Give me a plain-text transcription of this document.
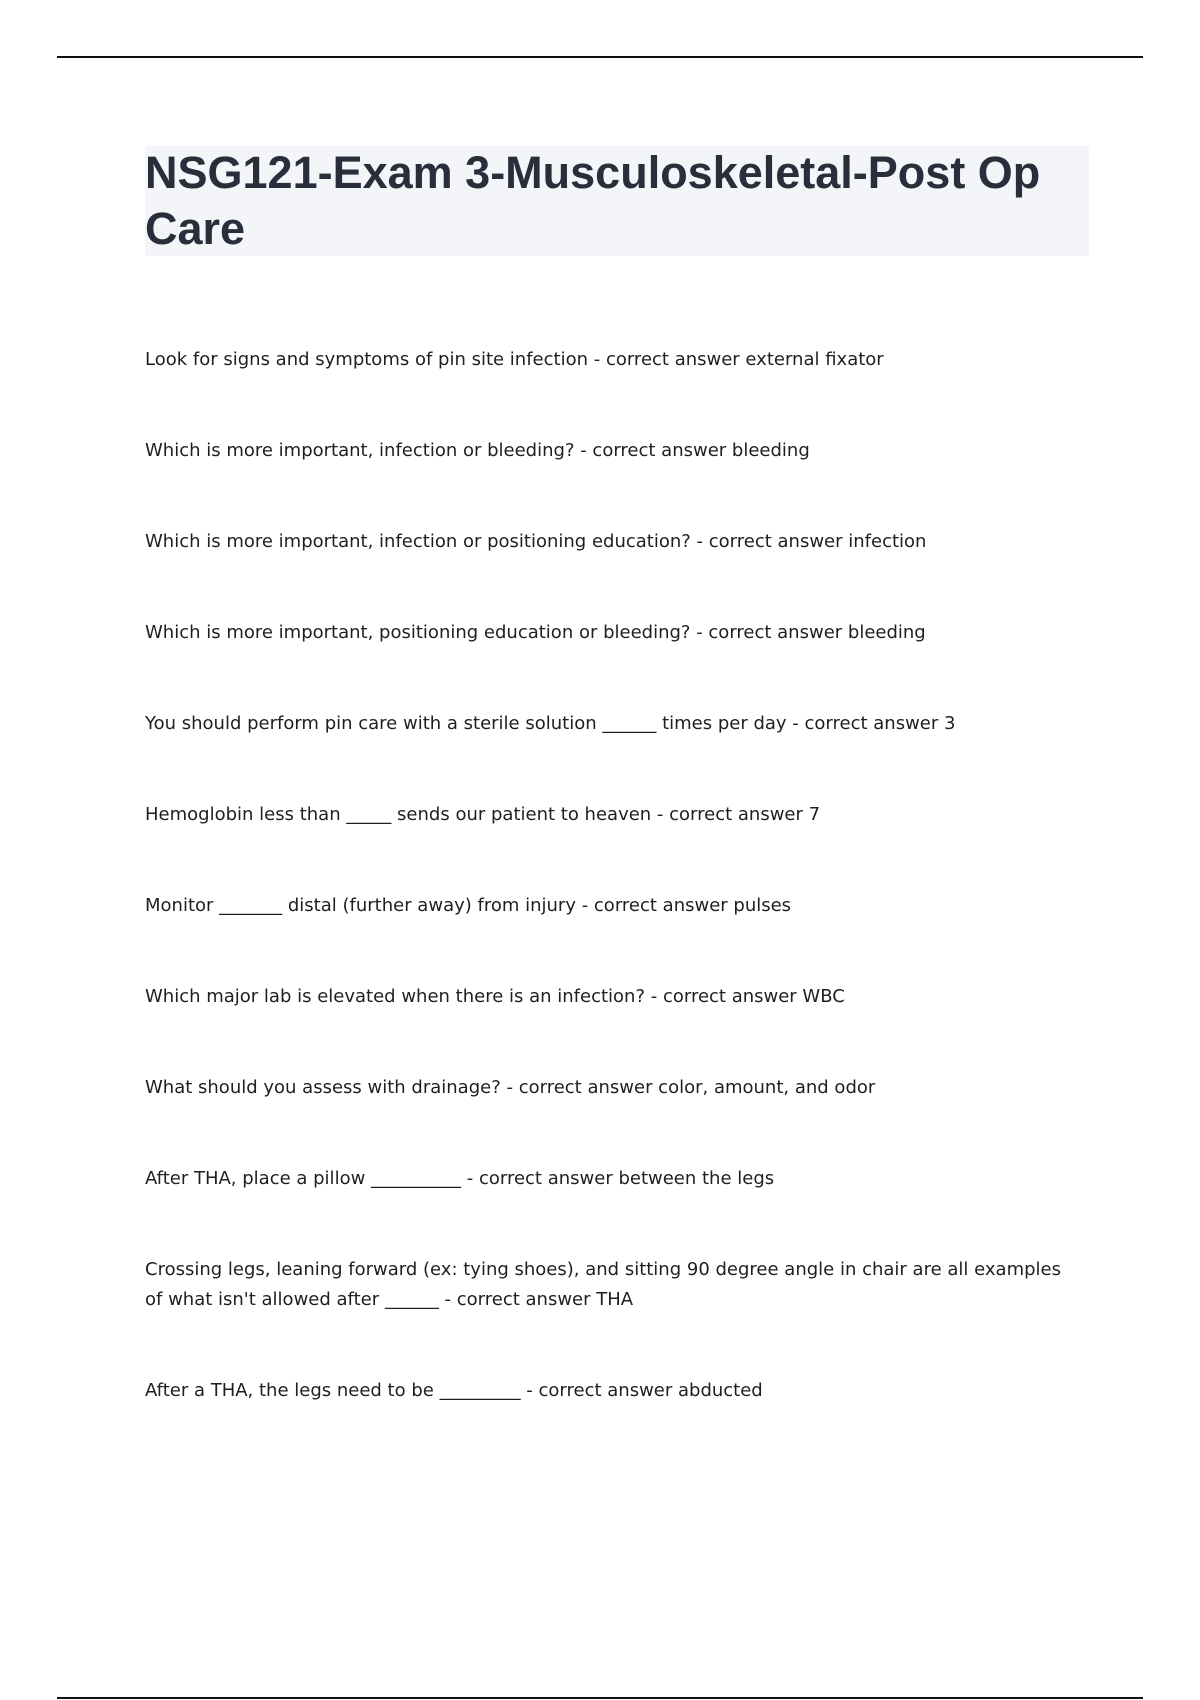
NSG121-Exam 3-Musculoskeletal-Post Op Care
Look for signs and symptoms of pin site infection - correct answer external fixator
Which is more important, infection or bleeding? - correct answer bleeding
Which is more important, infection or positioning education? - correct answer infection
Which is more important, positioning education or bleeding? - correct answer bleeding
You should perform pin care with a sterile solution ______ times per day - correct answer 3
Hemoglobin less than _____ sends our patient to heaven - correct answer 7
Monitor _______ distal (further away) from injury - correct answer pulses
Which major lab is elevated when there is an infection? - correct answer WBC
What should you assess with drainage? - correct answer color, amount, and odor
After THA, place a pillow __________ - correct answer between the legs
Crossing legs, leaning forward (ex: tying shoes), and sitting 90 degree angle in chair are all examples of what isn't allowed after ______ - correct answer THA
After a THA, the legs need to be _________ - correct answer abducted
